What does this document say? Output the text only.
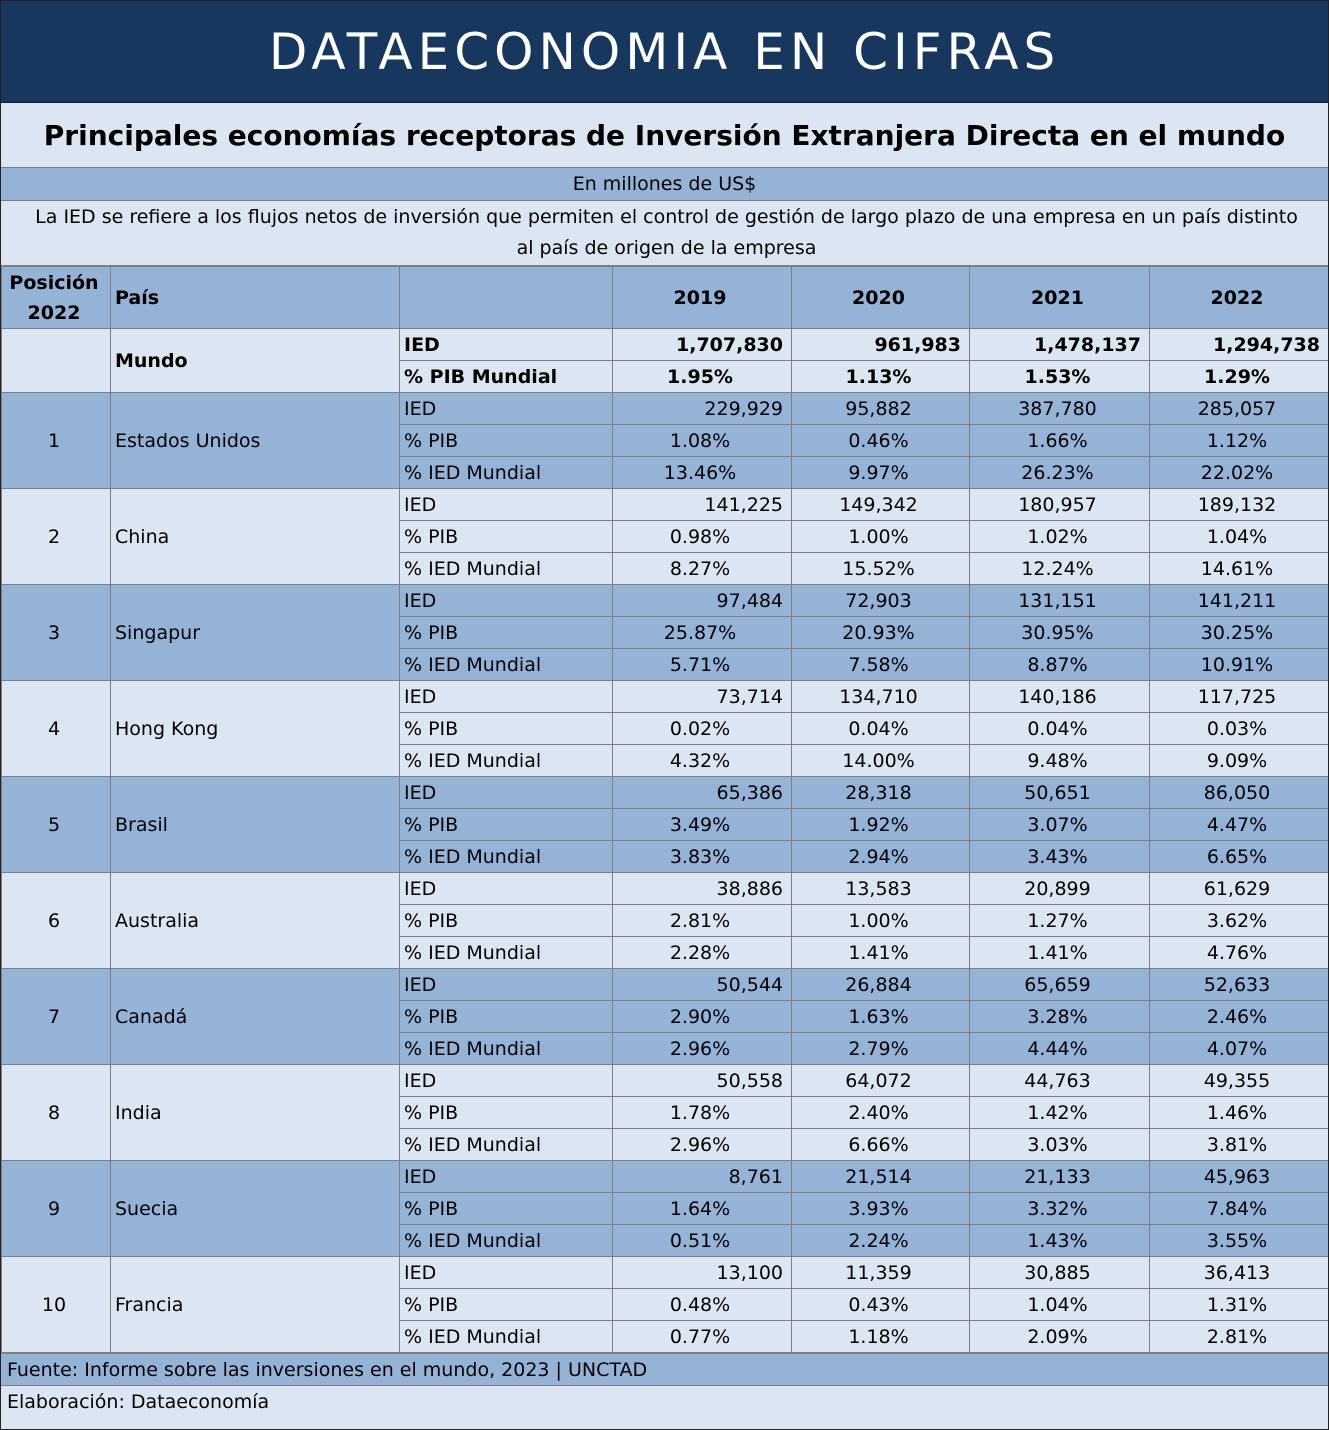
DATAECONOMIA EN CIFRAS
Principales economías receptoras de Inversión Extranjera Directa en el mundo
En millones de US$
La IED se refiere a los flujos netos de inversión que permiten el control de gestión de largo plazo de una empresa en un país distinto
al país de origen de la empresa
Posición
2022	País		2019	2020	2021	2022
	Mundo	IED	1,707,830	961,983	1,478,137	1,294,738
		% PIB Mundial	1.95%	1.13%	1.53%	1.29%
1	Estados Unidos	IED	229,929	95,882	387,780	285,057
		% PIB	1.08%	0.46%	1.66%	1.12%
		% IED Mundial	13.46%	9.97%	26.23%	22.02%
2	China	IED	141,225	149,342	180,957	189,132
		% PIB	0.98%	1.00%	1.02%	1.04%
		% IED Mundial	8.27%	15.52%	12.24%	14.61%
3	Singapur	IED	97,484	72,903	131,151	141,211
		% PIB	25.87%	20.93%	30.95%	30.25%
		% IED Mundial	5.71%	7.58%	8.87%	10.91%
4	Hong Kong	IED	73,714	134,710	140,186	117,725
		% PIB	0.02%	0.04%	0.04%	0.03%
		% IED Mundial	4.32%	14.00%	9.48%	9.09%
5	Brasil	IED	65,386	28,318	50,651	86,050
		% PIB	3.49%	1.92%	3.07%	4.47%
		% IED Mundial	3.83%	2.94%	3.43%	6.65%
6	Australia	IED	38,886	13,583	20,899	61,629
		% PIB	2.81%	1.00%	1.27%	3.62%
		% IED Mundial	2.28%	1.41%	1.41%	4.76%
7	Canadá	IED	50,544	26,884	65,659	52,633
		% PIB	2.90%	1.63%	3.28%	2.46%
		% IED Mundial	2.96%	2.79%	4.44%	4.07%
8	India	IED	50,558	64,072	44,763	49,355
		% PIB	1.78%	2.40%	1.42%	1.46%
		% IED Mundial	2.96%	6.66%	3.03%	3.81%
9	Suecia	IED	8,761	21,514	21,133	45,963
		% PIB	1.64%	3.93%	3.32%	7.84%
		% IED Mundial	0.51%	2.24%	1.43%	3.55%
10	Francia	IED	13,100	11,359	30,885	36,413
		% PIB	0.48%	0.43%	1.04%	1.31%
		% IED Mundial	0.77%	1.18%	2.09%	2.81%
Fuente: Informe sobre las inversiones en el mundo, 2023 | UNCTAD
Elaboración: Dataeconomía
